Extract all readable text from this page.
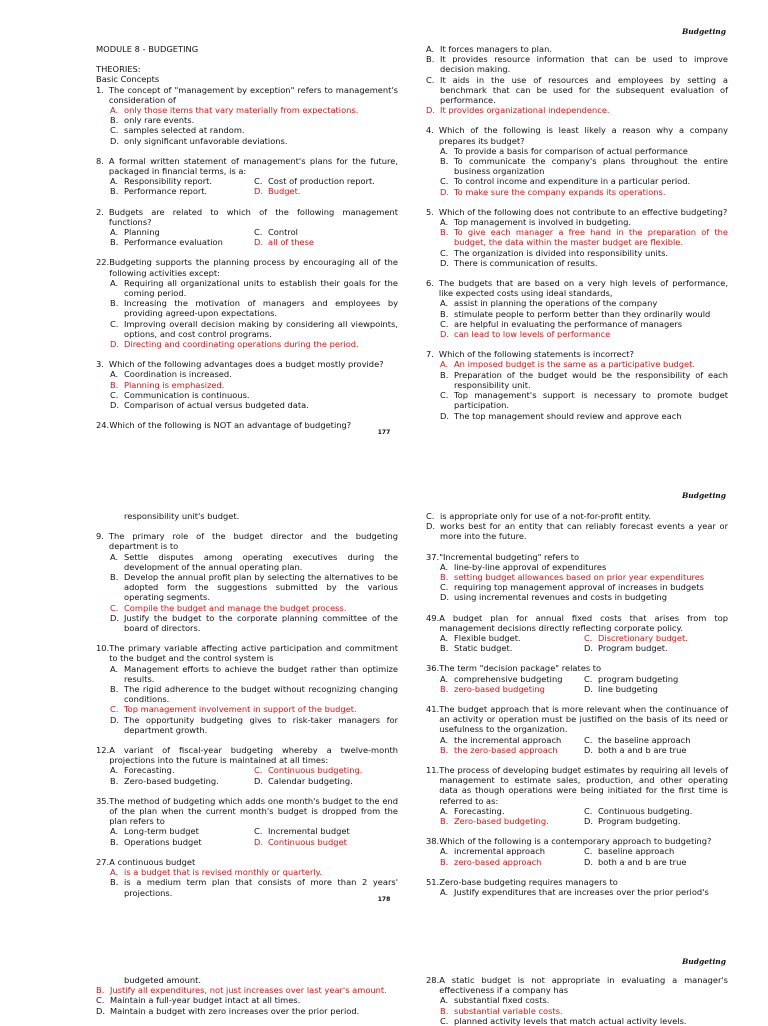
Budgeting
MODULE 8 - BUDGETING
THEORIES:
Basic Concepts
1. The concept of "management by exception" refers to management's consideration of
A. only those items that vary materially from expectations.
B. only rare events.
C. samples selected at random.
D. only significant unfavorable deviations.
8. A formal written statement of management's plans for the future, packaged in financial terms, is a:
A. Responsibility report.	C. Cost of production report.
B. Performance report.	D. Budget.
2. Budgets are related to which of the following management functions?
A. Planning	C. Control
B. Performance evaluation	D. all of these
22. Budgeting supports the planning process by encouraging all of the following activities except:
A. Requiring all organizational units to establish their goals for the coming period.
B. Increasing the motivation of managers and employees by providing agreed-upon expectations.
C. Improving overall decision making by considering all viewpoints, options, and cost control programs.
D. Directing and coordinating operations during the period.
3. Which of the following advantages does a budget mostly provide?
A. Coordination is increased.
B. Planning is emphasized.
C. Communication is continuous.
D. Comparison of actual versus budgeted data.
24. Which of the following is NOT an advantage of budgeting?
A. It forces managers to plan.
B. It provides resource information that can be used to improve decision making.
C. It aids in the use of resources and employees by setting a benchmark that can be used for the subsequent evaluation of performance.
D. It provides organizational independence.
4. Which of the following is least likely a reason why a company prepares its budget?
A. To provide a basis for comparison of actual performance
B. To communicate the company's plans throughout the entire business organization
C. To control income and expenditure in a particular period.
D. To make sure the company expands its operations.
5. Which of the following does not contribute to an effective budgeting?
A. Top management is involved in budgeting.
B. To give each manager a free hand in the preparation of the budget, the data within the master budget are flexible.
C. The organization is divided into responsibility units.
D. There is communication of results.
6. The budgets that are based on a very high levels of performance, like expected costs using ideal standards,
A. assist in planning the operations of the company
B. stimulate people to perform better than they ordinarily would
C. are helpful in evaluating the performance of managers
D. can lead to low levels of performance
7. Which of the following statements is incorrect?
A. An imposed budget is the same as a participative budget.
B. Preparation of the budget would be the responsibility of each responsibility unit.
C. Top management's support is necessary to promote budget participation.
D. The top management should review and approve each
177
Budgeting
responsibility unit's budget.
9. The primary role of the budget director and the budgeting department is to
A. Settle disputes among operating executives during the development of the annual operating plan.
B. Develop the annual profit plan by selecting the alternatives to be adopted form the suggestions submitted by the various operating segments.
C. Compile the budget and manage the budget process.
D. Justify the budget to the corporate planning committee of the board of directors.
10. The primary variable affecting active participation and commitment to the budget and the control system is
A. Management efforts to achieve the budget rather than optimize results.
B. The rigid adherence to the budget without recognizing changing conditions.
C. Top management involvement in support of the budget.
D. The opportunity budgeting gives to risk-taker managers for department growth.
12. A variant of fiscal-year budgeting whereby a twelve-month projections into the future is maintained at all times:
A. Forecasting.	C. Continuous budgeting.
B. Zero-based budgeting.	D. Calendar budgeting.
35. The method of budgeting which adds one month's budget to the end of the plan when the current month's budget is dropped from the plan refers to
A. Long-term budget	C. Incremental budget
B. Operations budget	D. Continuous budget
27. A continuous budget
A. is a budget that is revised monthly or quarterly.
B. is a medium term plan that consists of more than 2 years' projections.
C. is appropriate only for use of a not-for-profit entity.
D. works best for an entity that can reliably forecast events a year or more into the future.
37. "Incremental budgeting" refers to
A. line-by-line approval of expenditures
B. setting budget allowances based on prior year expenditures
C. requiring top management approval of increases in budgets
D. using incremental revenues and costs in budgeting
49. A budget plan for annual fixed costs that arises from top management decisions directly reflecting corporate policy.
A. Flexible budget.	C. Discretionary budget.
B. Static budget.	D. Program budget.
36. The term "decision package" relates to
A. comprehensive budgeting	C. program budgeting
B. zero-based budgeting	D. line budgeting
41. The budget approach that is more relevant when the continuance of an activity or operation must be justified on the basis of its need or usefulness to the organization.
A. the incremental approach	C. the baseline approach
B. the zero-based approach	D. both a and b are true
11. The process of developing budget estimates by requiring all levels of management to estimate sales, production, and other operating data as though operations were being initiated for the first time is referred to as:
A. Forecasting.	C. Continuous budgeting.
B. Zero-based budgeting.	D. Program budgeting.
38. Which of the following is a contemporary approach to budgeting?
A. incremental approach	C. baseline approach
B. zero-based approach	D. both a and b are true
51. Zero-base budgeting requires managers to
A. Justify expenditures that are increases over the prior period's
178
Budgeting
budgeted amount.
B. Justify all expenditures, not just increases over last year's amount.
C. Maintain a full-year budget intact at all times.
D. Maintain a budget with zero increases over the prior period.
28. A static budget is not appropriate in evaluating a manager's effectiveness if a company has
A. substantial fixed costs.
B. substantial variable costs.
C. planned activity levels that match actual activity levels.
